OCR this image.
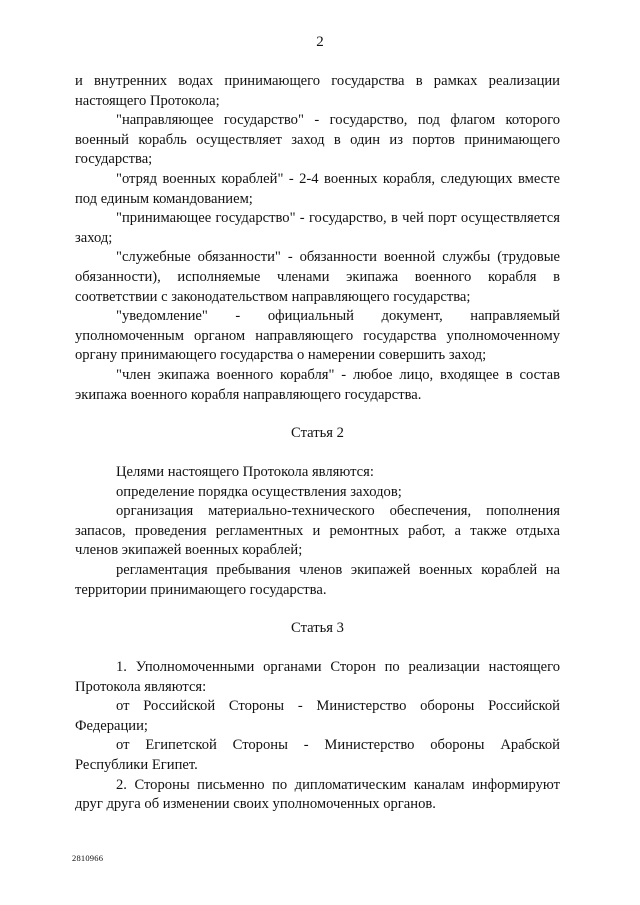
2

и внутренних водах принимающего государства в рамках реализации настоящего Протокола;

"направляющее государство" - государство, под флагом которого военный корабль осуществляет заход в один из портов принимающего государства;

"отряд военных кораблей" - 2-4 военных корабля, следующих вместе под единым командованием;

"принимающее государство" - государство, в чей порт осуществляется заход;

"служебные обязанности" - обязанности военной службы (трудовые обязанности), исполняемые членами экипажа военного корабля в соответствии с законодательством направляющего государства;

"уведомление" - официальный документ, направляемый уполномоченным органом направляющего государства уполномоченному органу принимающего государства о намерении совершить заход;

"член экипажа военного корабля" - любое лицо, входящее в состав экипажа военного корабля направляющего государства.

Статья 2

Целями настоящего Протокола являются:

определение порядка осуществления заходов;

организация материально-технического обеспечения, пополнения запасов, проведения регламентных и ремонтных работ, а также отдыха членов экипажей военных кораблей;

регламентация пребывания членов экипажей военных кораблей на территории принимающего государства.

Статья 3

1. Уполномоченными органами Сторон по реализации настоящего Протокола являются:

от Российской Стороны - Министерство обороны Российской Федерации;

от Египетской Стороны - Министерство обороны Арабской Республики Египет.

2. Стороны письменно по дипломатическим каналам информируют друг друга об изменении своих уполномоченных органов.

2810966
